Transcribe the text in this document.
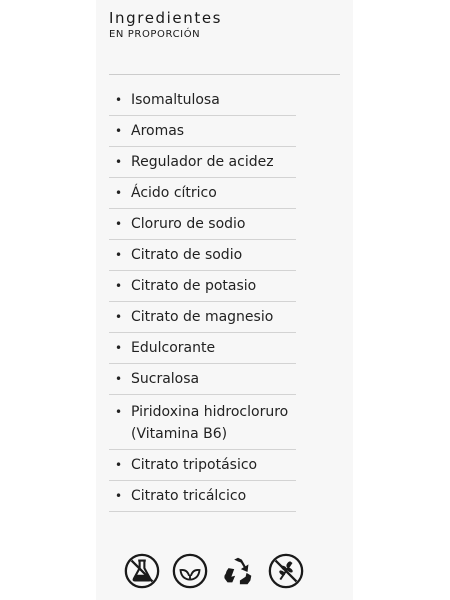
Ingredientes

EN PROPORCIÓN

• Isomaltulosa
• Aromas
• Regulador de acidez
• Ácido cítrico
• Cloruro de sodio
• Citrato de sodio
• Citrato de potasio
• Citrato de magnesio
• Edulcorante
• Sucralosa
• Piridoxina hidrocloruro
(Vitamina B6)
• Citrato tripotásico
• Citrato tricálcico
